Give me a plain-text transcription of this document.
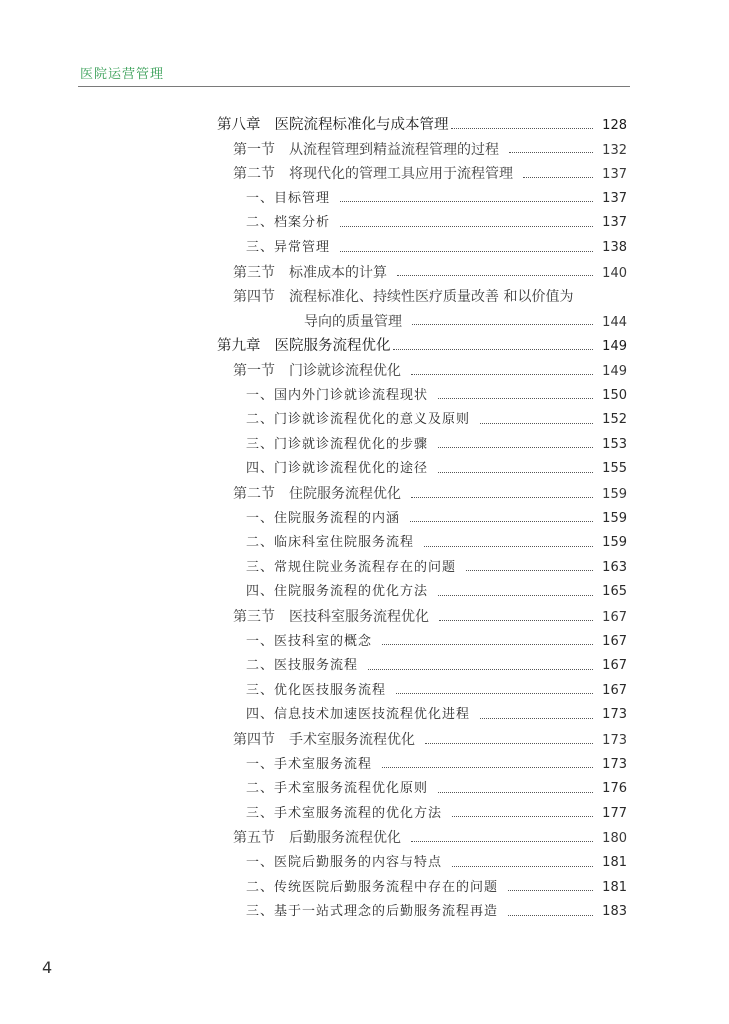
医院运营管理
第八章 医院流程标准化与成本管理	128
第一节 从流程管理到精益流程管理的过程	132
第二节 将现代化的管理工具应用于流程管理	137
一、目标管理	137
二、档案分析	137
三、异常管理	138
第三节 标准成本的计算	140
第四节 流程标准化、持续性医疗质量改善 和以价值为
导向的质量管理	144
第九章 医院服务流程优化	149
第一节 门诊就诊流程优化	149
一、国内外门诊就诊流程现状	150
二、门诊就诊流程优化的意义及原则	152
三、门诊就诊流程优化的步骤	153
四、门诊就诊流程优化的途径	155
第二节 住院服务流程优化	159
一、住院服务流程的内涵	159
二、临床科室住院服务流程	159
三、常规住院业务流程存在的问题	163
四、住院服务流程的优化方法	165
第三节 医技科室服务流程优化	167
一、医技科室的概念	167
二、医技服务流程	167
三、优化医技服务流程	167
四、信息技术加速医技流程优化进程	173
第四节 手术室服务流程优化	173
一、手术室服务流程	173
二、手术室服务流程优化原则	176
三、手术室服务流程的优化方法	177
第五节 后勤服务流程优化	180
一、医院后勤服务的内容与特点	181
二、传统医院后勤服务流程中存在的问题	181
三、基于一站式理念的后勤服务流程再造	183
4
